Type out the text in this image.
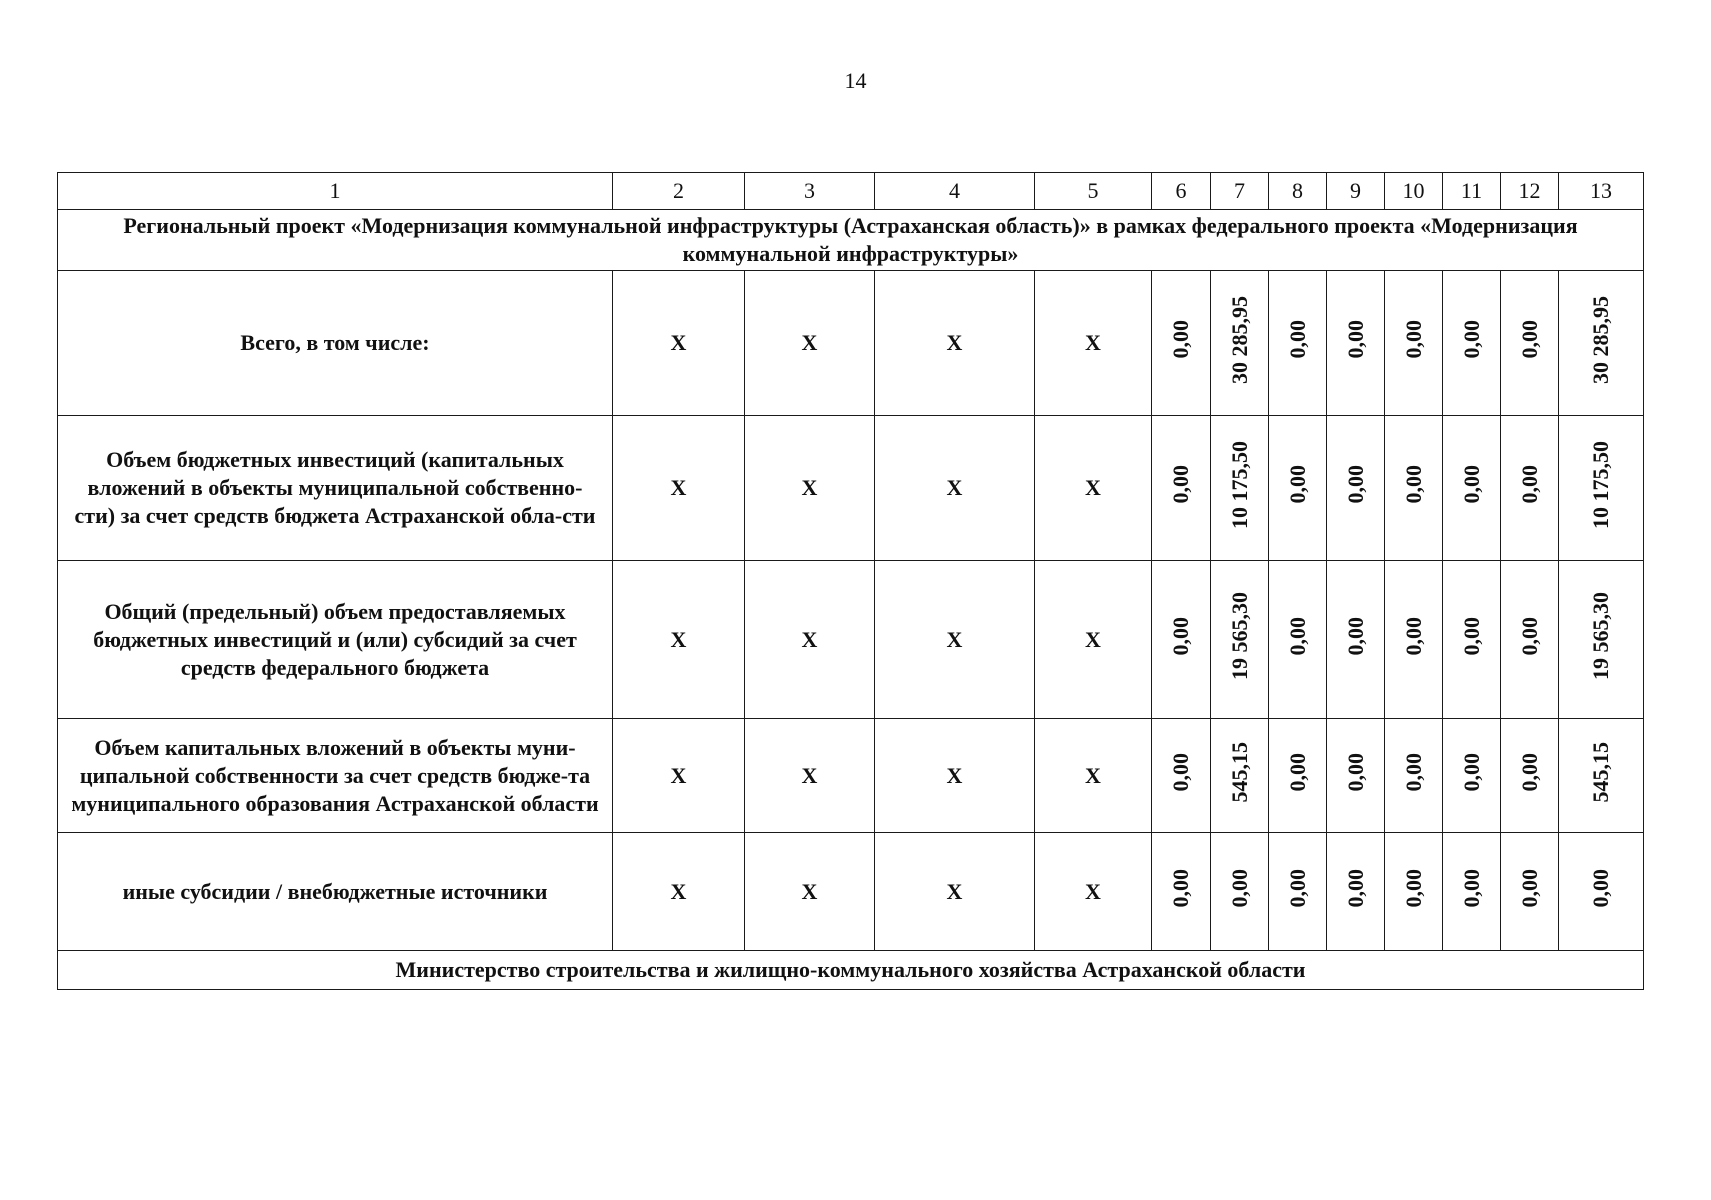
14
1	2	3	4	5	6	7	8	9	10	11	12	13
Региональный проект «Модернизация коммунальной инфраструктуры (Астраханская область)» в рамках федерального проекта «Модернизация коммунальной инфраструктуры»												
Всего, в том числе:	X	X	X	X	0,00	30 285,95	0,00	0,00	0,00	0,00	0,00	30 285,95
Объем бюджетных инвестиций (капитальных вложений в объекты муниципальной собственно-сти) за счет средств бюджета Астраханской обла-сти	X	X	X	X	0,00	10 175,50	0,00	0,00	0,00	0,00	0,00	10 175,50
Общий (предельный) объем предоставляемых бюджетных инвестиций и (или) субсидий за счет средств федерального бюджета	X	X	X	X	0,00	19 565,30	0,00	0,00	0,00	0,00	0,00	19 565,30
Объем капитальных вложений в объекты муни-ципальной собственности за счет средств бюдже-та муниципального образования Астраханской области	X	X	X	X	0,00	545,15	0,00	0,00	0,00	0,00	0,00	545,15
иные субсидии / внебюджетные источники	X	X	X	X	0,00	0,00	0,00	0,00	0,00	0,00	0,00	0,00
Министерство строительства и жилищно-коммунального хозяйства Астраханской области												
